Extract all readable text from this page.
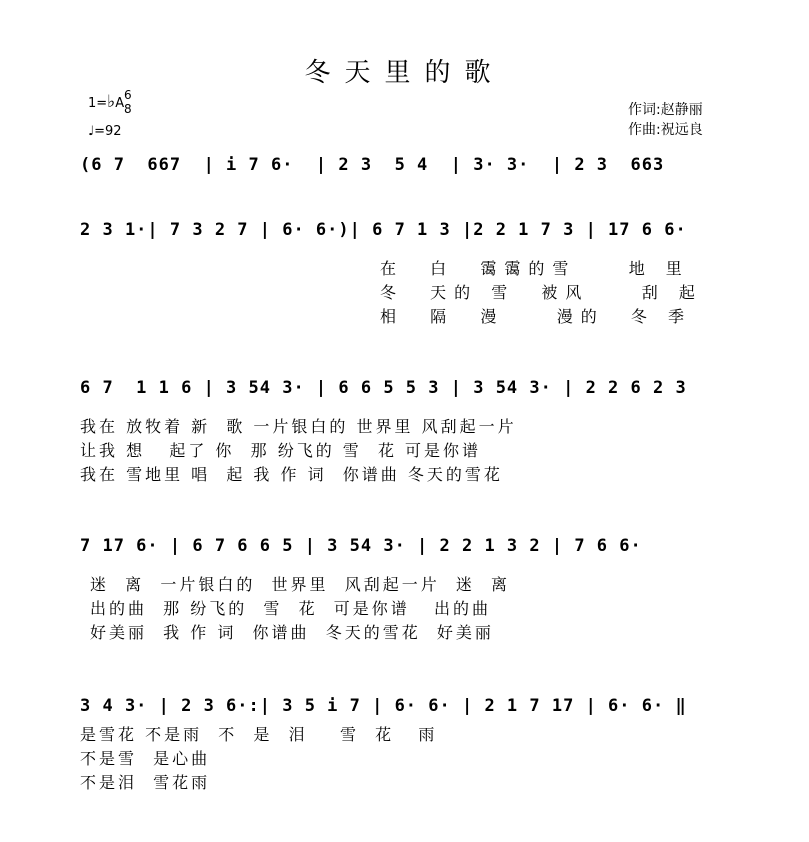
冬天里的歌
1=♭A
6
8
♩=92
作词:赵静丽
作曲:祝远良
(6 7  667  | i 7 6·  | 2 3  5 4  | 3· 3·  | 2 3  663
2 3 1·| 7 3 2 7 | 6· 6·)| 6 7 1 3 |2 2 1 7 3 | 17 6 6·
在  白  霭霭的雪    地 里
冬  天的 雪  被风    刮 起
相  隔  漫    漫的  冬 季
6 7  1 1 6 | 3 54 3· | 6 6 5 5 3 | 3 54 3· | 2 2 6 2 3
我在 放牧着 新  歌 一片银白的 世界里 风刮起一片
让我 想   起了 你  那 纷飞的 雪  花 可是你谱
我在 雪地里 唱  起 我 作 词  你谱曲 冬天的雪花
7 17 6· | 6 7 6 6 5 | 3 54 3· | 2 2 1 3 2 | 7 6 6·
迷  离  一片银白的  世界里  风刮起一片  迷  离
出的曲  那 纷飞的  雪  花  可是你谱   出的曲
好美丽  我 作 词  你谱曲  冬天的雪花  好美丽
3 4 3· | 2 3 6·:| 3 5 i 7 | 6· 6· | 2 1 7 17 | 6· 6· ‖
是雪花 不是雨  不  是  泪    雪  花   雨
不是雪  是心曲
不是泪  雪花雨
